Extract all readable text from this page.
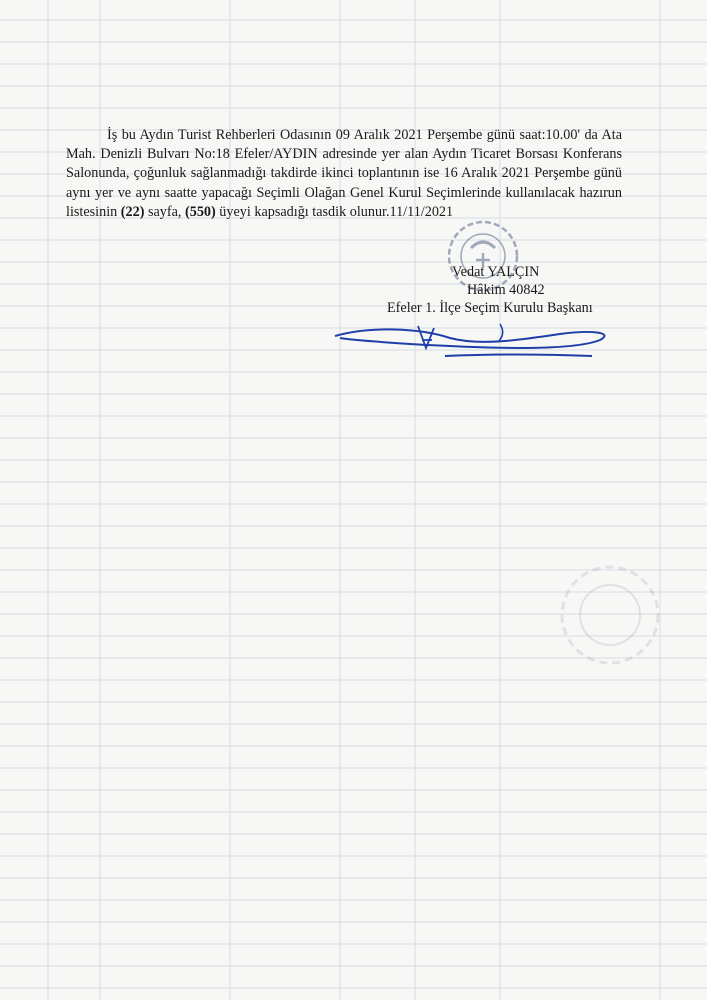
İş bu Aydın Turist Rehberleri Odasının 09 Aralık 2021 Perşembe günü saat:10.00' da Ata Mah. Denizli Bulvarı No:18 Efeler/AYDIN adresinde yer alan Aydın Ticaret Borsası Konferans Salonunda, çoğunluk sağlanmadığı takdirde ikinci toplantının ise 16 Aralık 2021 Perşembe günü aynı yer ve aynı saatte yapacağı Seçimli Olağan Genel Kurul Seçimlerinde kullanılacak hazırun listesinin (22) sayfa, (550) üyeyi kapsadığı tasdik olunur.11/11/2021

Vedat YALÇIN
Hâkim 40842
Efeler 1. İlçe Seçim Kurulu Başkanı
